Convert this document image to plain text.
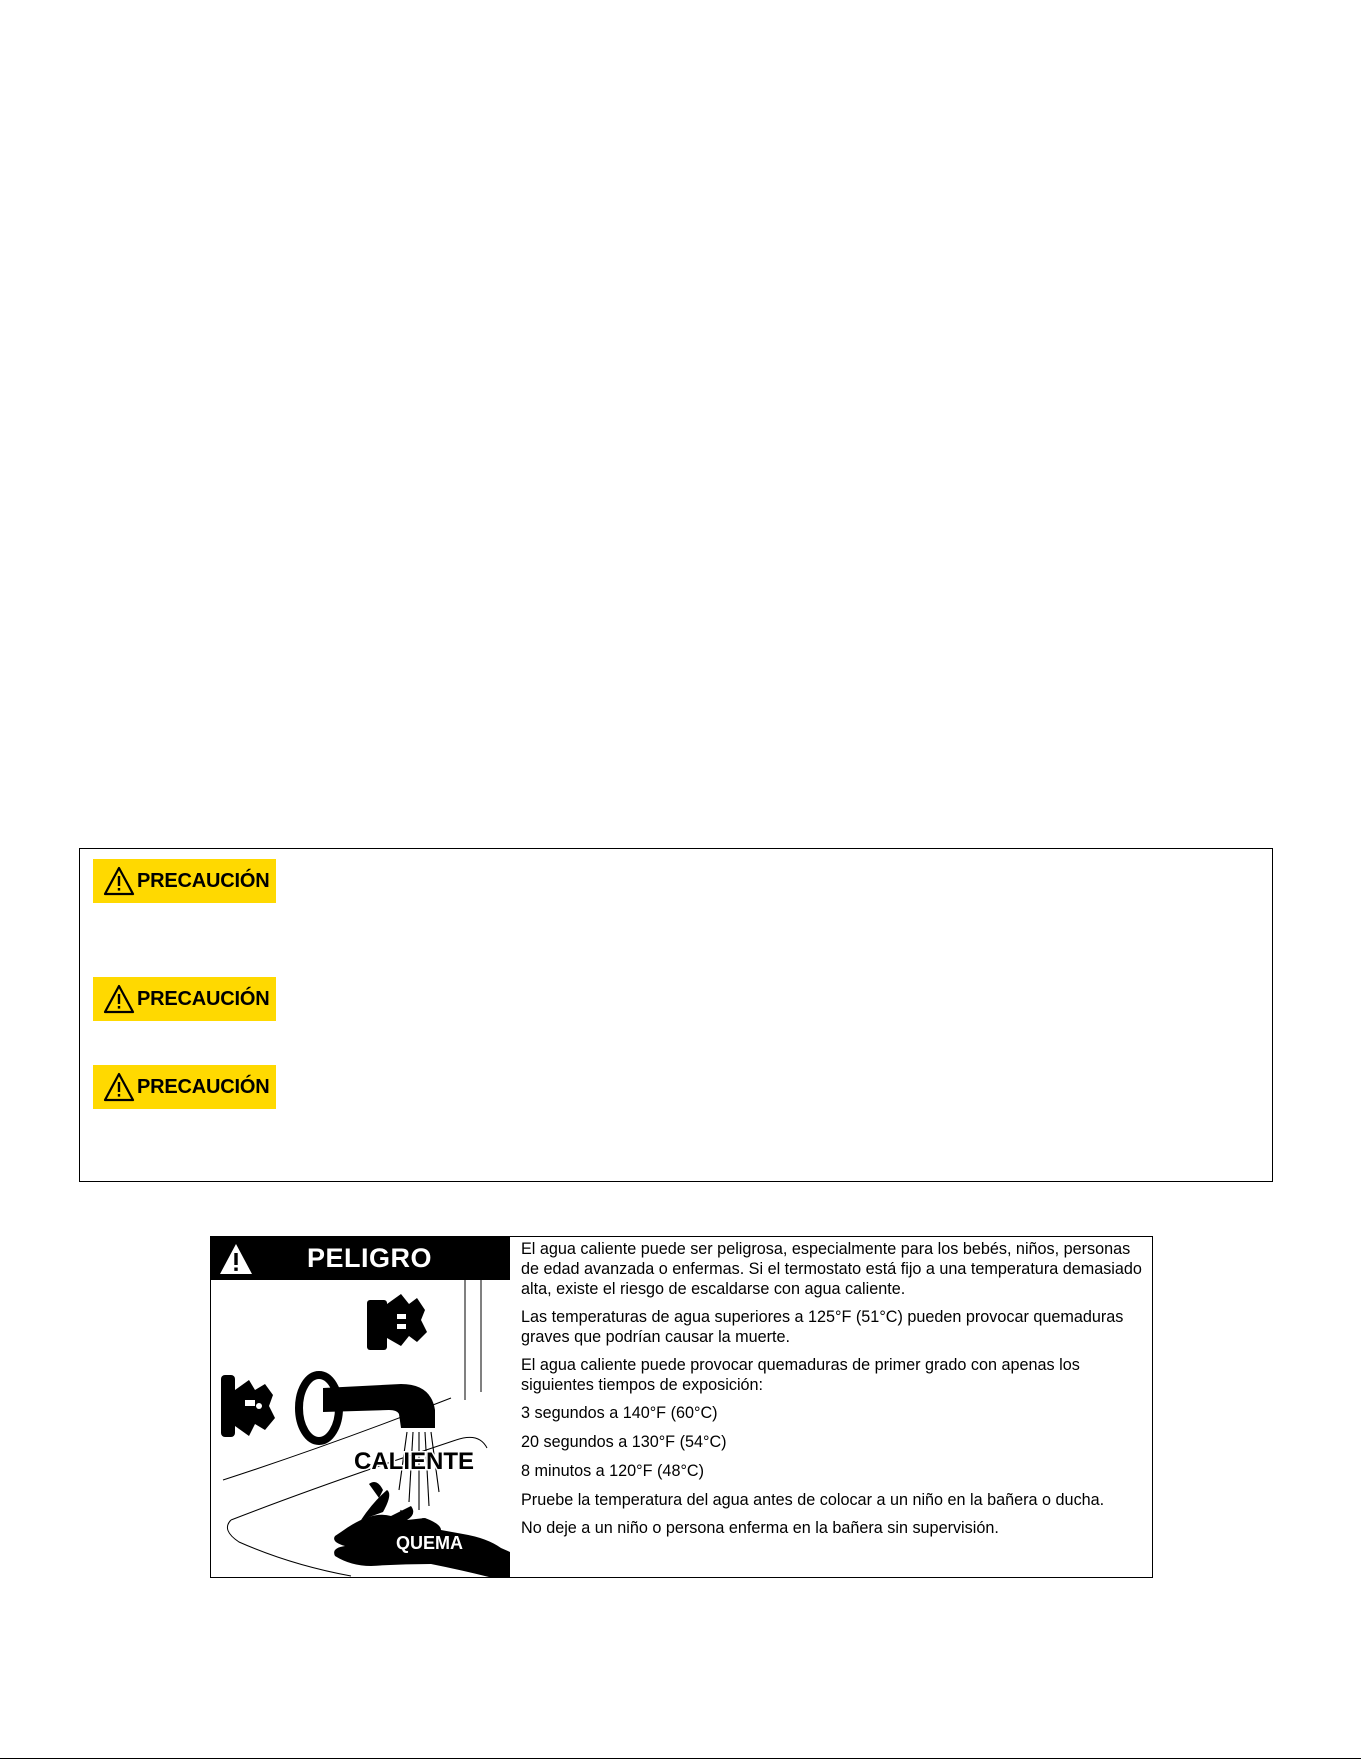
PRECAUCIÓN
PRECAUCIÓN
PRECAUCIÓN
PELIGRO
CALIENTE
QUEMA

El agua caliente puede ser peligrosa, especialmente para los bebés, niños, personas de edad avanzada o enfermas. Si el termostato está fijo a una temperatura demasiado alta, existe el riesgo de escaldarse con agua caliente.

Las temperaturas de agua superiores a 125°F (51°C) pueden provocar quemaduras graves que podrían causar la muerte.

El agua caliente puede provocar quemaduras de primer grado con apenas los siguientes tiempos de exposición:

3 segundos a 140°F (60°C)

20 segundos a 130°F (54°C)

8 minutos a 120°F (48°C)

Pruebe la temperatura del agua antes de colocar a un niño en la bañera o ducha.

No deje a un niño o persona enferma en la bañera sin supervisión.
